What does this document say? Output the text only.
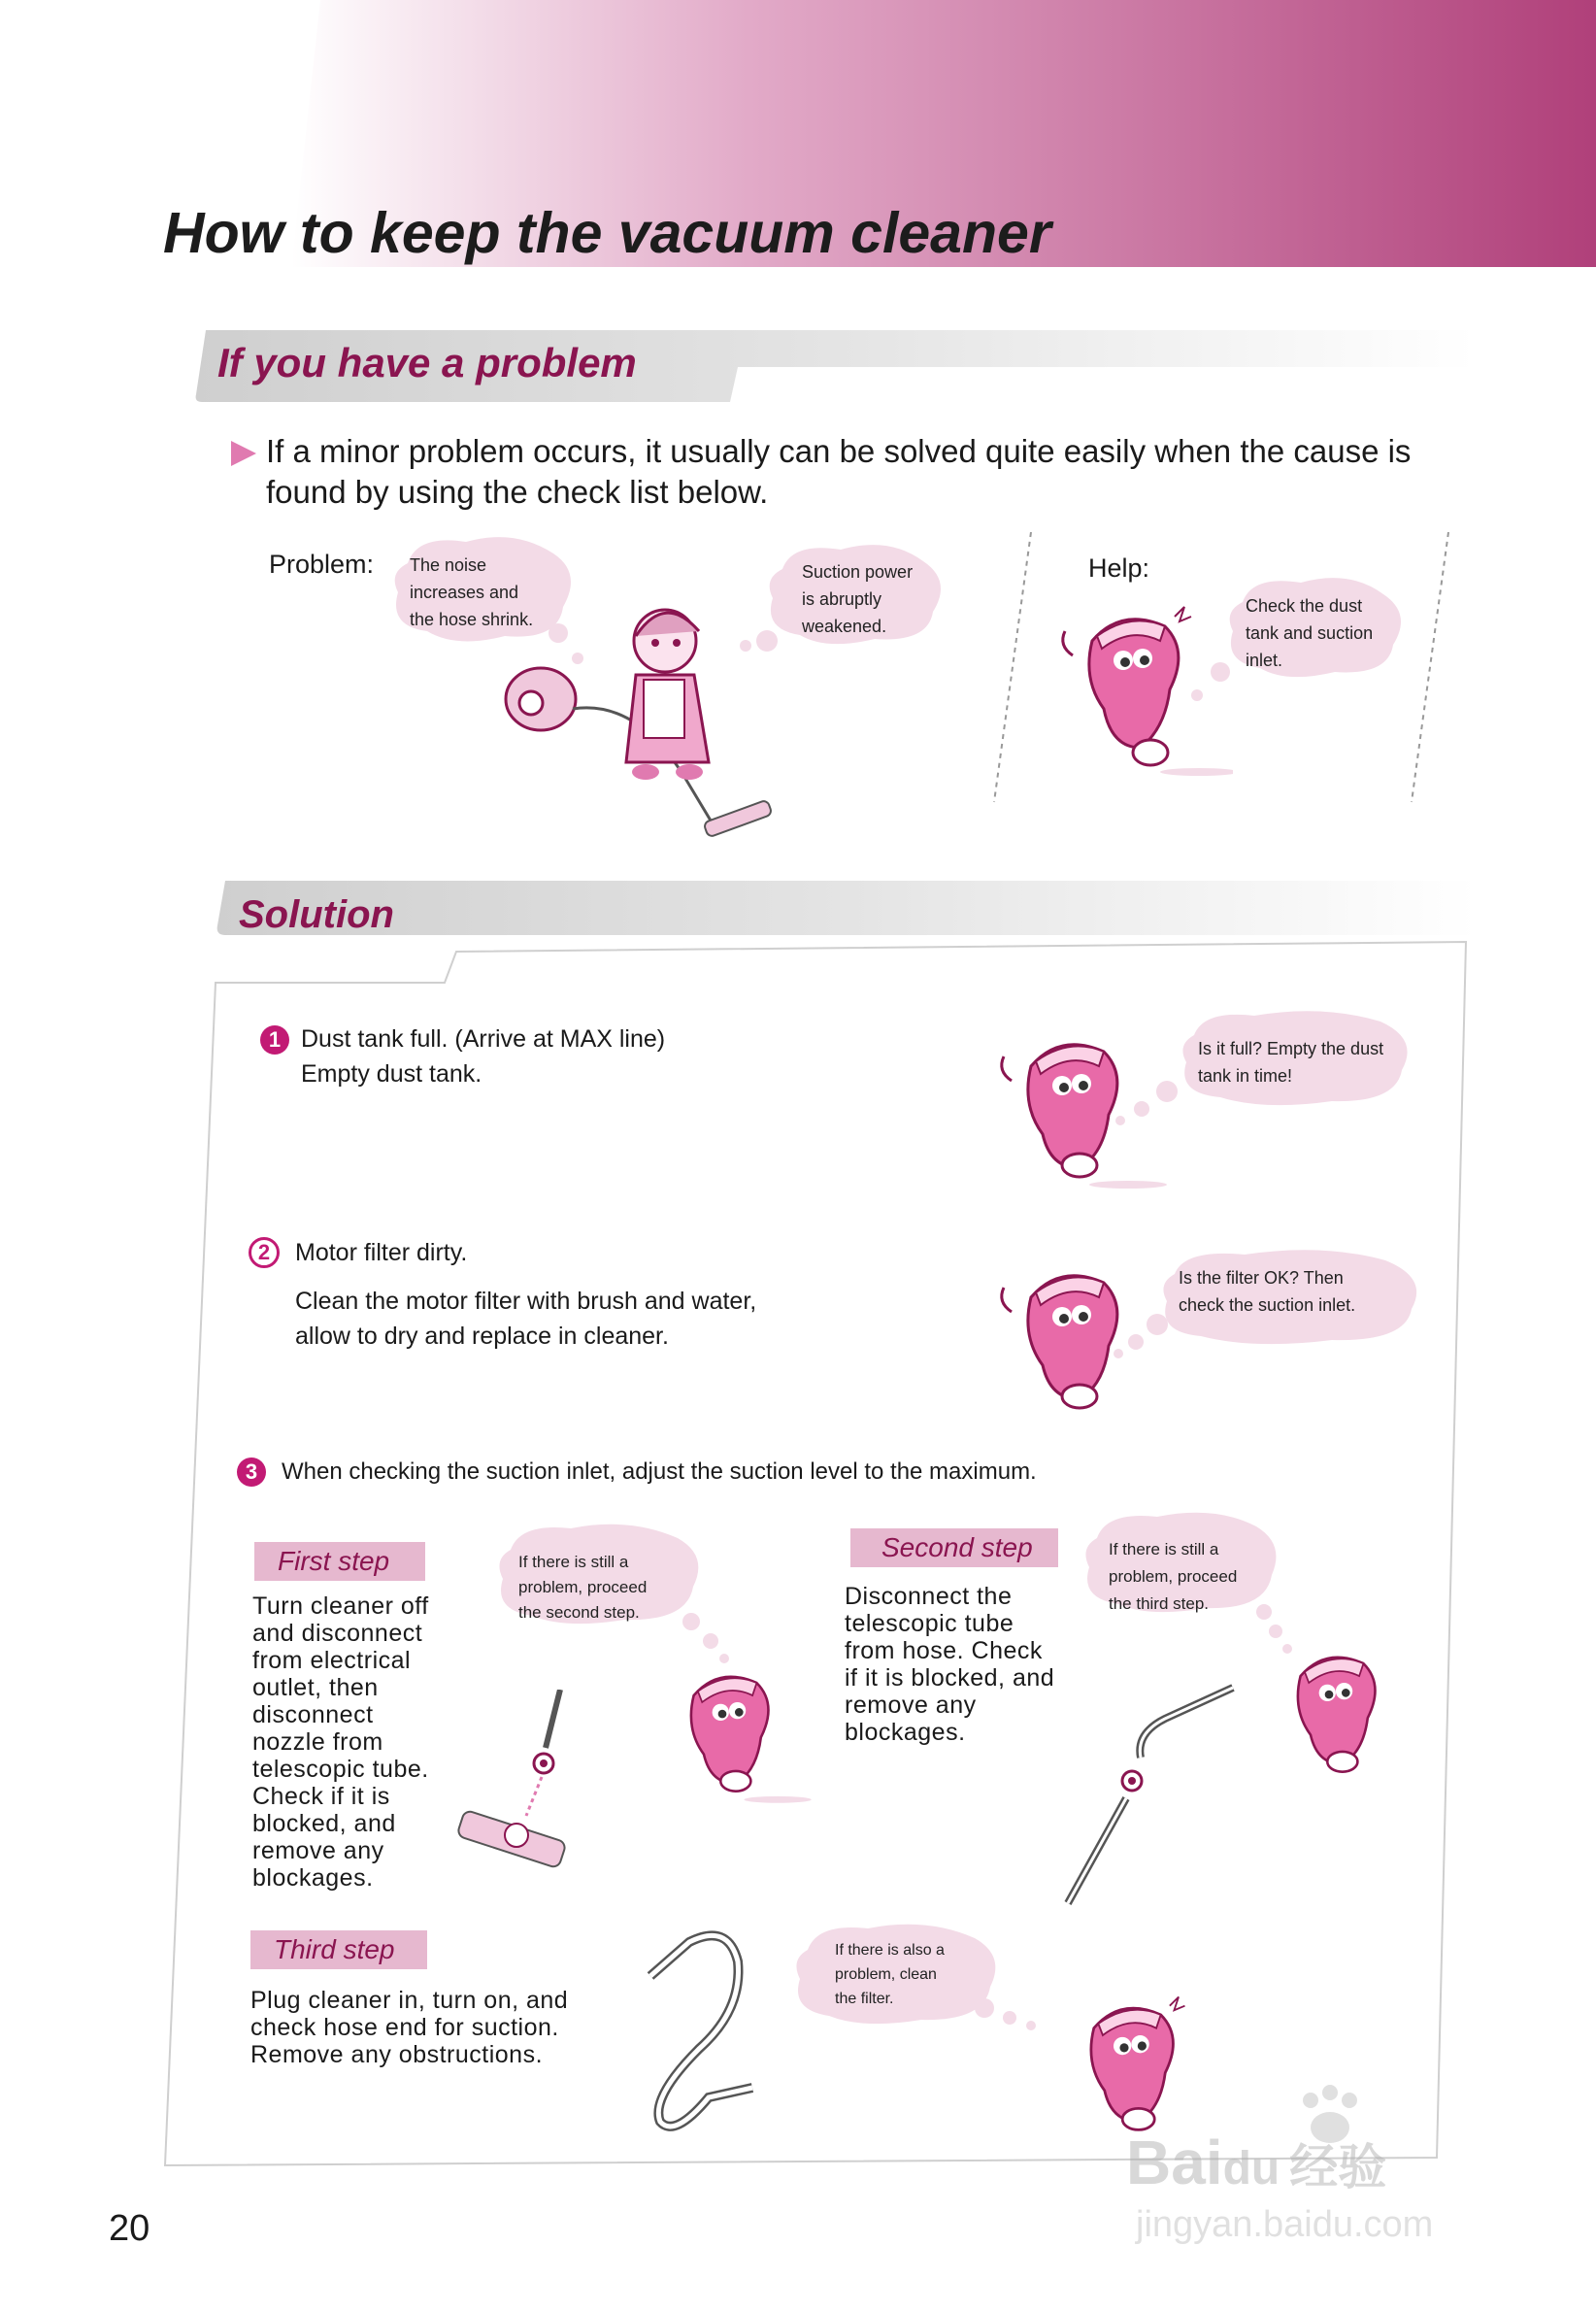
How to keep the vacuum cleaner
If you have a problem
If a minor problem occurs, it usually can be solved quite easily when the cause is found by using the check list below.
Problem:	Help:
The noise
increases and
the hose shrink.
Suction power
is abruptly
weakened.
Check the dust
tank and suction
inlet.
Solution
1 Dust tank full. (Arrive at MAX line)
Empty dust tank.
Is it full? Empty the dust
tank in time!
2	Motor filter dirty.
Clean the motor filter with brush and water,
allow to dry and replace in cleaner.
Is the filter OK? Then
check the suction inlet.
3	When checking the suction inlet, adjust the suction level to the maximum.
First step
Turn cleaner off
and disconnect
from electrical
outlet, then
disconnect
nozzle from
telescopic tube.
Check if it is
blocked, and
remove any
blockages.
If there is still a
problem, proceed
the second step.
Second step
Disconnect the
telescopic tube
from hose. Check
if it is blocked, and
remove any
blockages.
If there is still a
problem, proceed
the third step.
Third step
Plug cleaner in, turn on, and
check hose end for suction.
Remove any obstructions.
If there is also a
problem, clean
the filter.
20
Baidu 经验
jingyan.baidu.com
